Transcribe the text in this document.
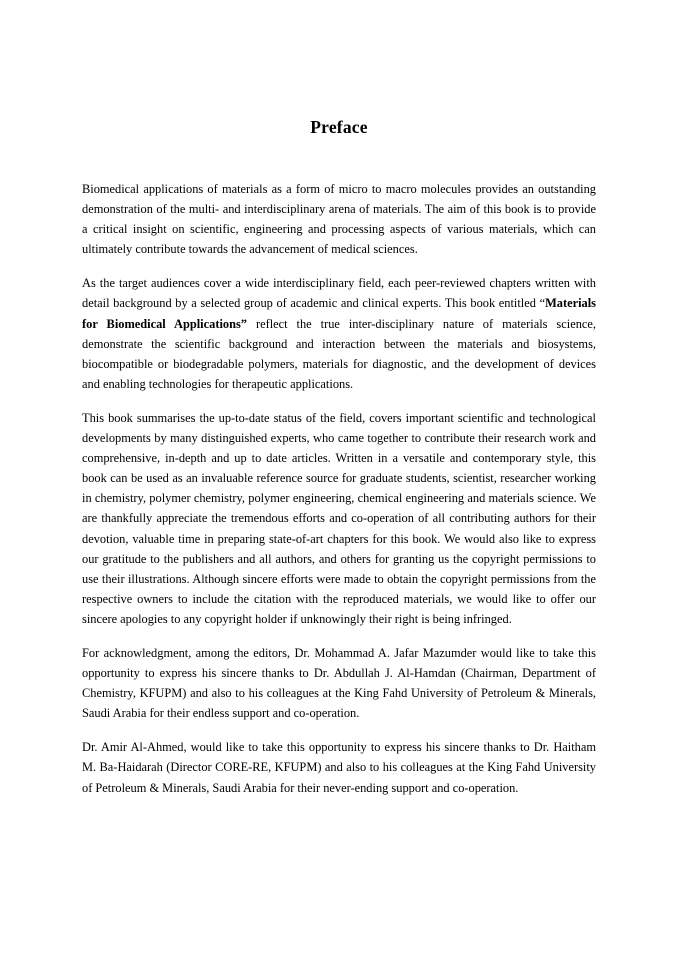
Preface

Biomedical applications of materials as a form of micro to macro molecules provides an outstanding demonstration of the multi- and interdisciplinary arena of materials. The aim of this book is to provide a critical insight on scientific, engineering and processing aspects of various materials, which can ultimately contribute towards the advancement of medical sciences.

As the target audiences cover a wide interdisciplinary field, each peer-reviewed chapters written with detail background by a selected group of academic and clinical experts. This book entitled “Materials for Biomedical Applications” reflect the true inter-disciplinary nature of materials science, demonstrate the scientific background and interaction between the materials and biosystems, biocompatible or biodegradable polymers, materials for diagnostic, and the development of devices and enabling technologies for therapeutic applications.

This book summarises the up-to-date status of the field, covers important scientific and technological developments by many distinguished experts, who came together to contribute their research work and comprehensive, in-depth and up to date articles. Written in a versatile and contemporary style, this book can be used as an invaluable reference source for graduate students, scientist, researcher working in chemistry, polymer chemistry, polymer engineering, chemical engineering and materials science. We are thankfully appreciate the tremendous efforts and co-operation of all contributing authors for their devotion, valuable time in preparing state-of-art chapters for this book. We would also like to express our gratitude to the publishers and all authors, and others for granting us the copyright permissions to use their illustrations. Although sincere efforts were made to obtain the copyright permissions from the respective owners to include the citation with the reproduced materials, we would like to offer our sincere apologies to any copyright holder if unknowingly their right is being infringed.

For acknowledgment, among the editors, Dr. Mohammad A. Jafar Mazumder would like to take this opportunity to express his sincere thanks to Dr. Abdullah J. Al-Hamdan (Chairman, Department of Chemistry, KFUPM) and also to his colleagues at the King Fahd University of Petroleum & Minerals, Saudi Arabia for their endless support and co-operation.

Dr. Amir Al-Ahmed, would like to take this opportunity to express his sincere thanks to Dr. Haitham M. Ba-Haidarah (Director CORE-RE, KFUPM) and also to his colleagues at the King Fahd University of Petroleum & Minerals, Saudi Arabia for their never-ending support and co-operation.
